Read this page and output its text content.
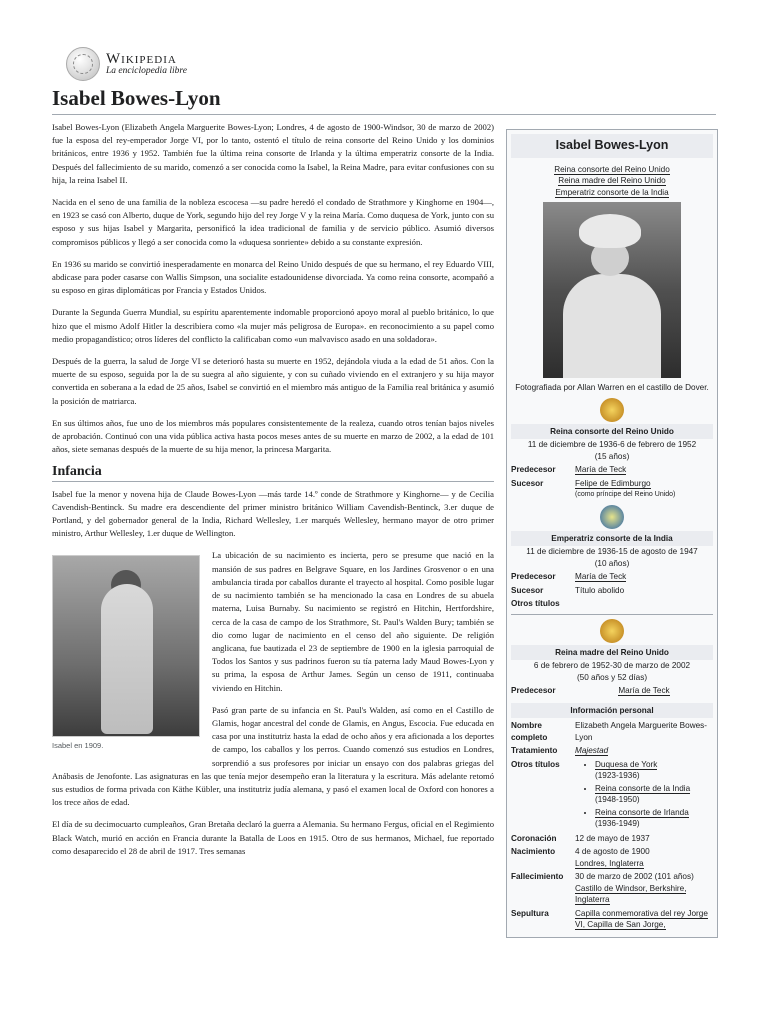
Wikipedia
La enciclopedia libre
Isabel Bowes-Lyon

Isabel Bowes-Lyon (Elizabeth Angela Marguerite Bowes-Lyon; Londres, 4 de agosto de 1900-Windsor, 30 de marzo de 2002) fue la esposa del rey-emperador Jorge VI, por lo tanto, ostentó el título de reina consorte del Reino Unido y los dominios británicos, entre 1936 y 1952. También fue la última reina consorte de Irlanda y la última emperatriz consorte de la India. Después del fallecimiento de su marido, comenzó a ser conocida como la Isabel, la Reina Madre, para evitar confusiones con su hija, la reina Isabel II.

Nacida en el seno de una familia de la nobleza escocesa —su padre heredó el condado de Strathmore y Kinghorne en 1904—, en 1923 se casó con Alberto, duque de York, segundo hijo del rey Jorge V y la reina María. Como duquesa de York, junto con su esposo y sus hijas Isabel y Margarita, personificó la idea tradicional de familia y de servicio público. Asumió diversos compromisos públicos y llegó a ser conocida como la «duquesa sonriente» debido a su constante expresión.

En 1936 su marido se convirtió inesperadamente en monarca del Reino Unido después de que su hermano, el rey Eduardo VIII, abdicase para poder casarse con Wallis Simpson, una socialite estadounidense divorciada. Ya como reina consorte, acompañó a su esposo en giras diplomáticas por Francia y Estados Unidos.

Durante la Segunda Guerra Mundial, su espíritu aparentemente indomable proporcionó apoyo moral al pueblo británico, lo que hizo que el mismo Adolf Hitler la describiera como «la mujer más peligrosa de Europa». en reconocimiento a su papel como medio propagandístico; otros líderes del conflicto la calificaban como «un malvavisco asado en una soldadora».

Después de la guerra, la salud de Jorge VI se deterioró hasta su muerte en 1952, dejándola viuda a la edad de 51 años. Con la muerte de su esposo, seguida por la de su suegra al año siguiente, y con su cuñado viviendo en el extranjero y su hija mayor convertida en soberana a la edad de 25 años, Isabel se convirtió en el miembro más antiguo de la Familia real británica y asumió la posición de matriarca.

En sus últimos años, fue uno de los miembros más populares consistentemente de la realeza, cuando otros tenían bajos niveles de aprobación. Continuó con una vida pública activa hasta pocos meses antes de su muerte en marzo de 2002, a la edad de 101 años, siete semanas después de la muerte de su hija menor, la princesa Margarita.

Infancia

Isabel fue la menor y novena hija de Claude Bowes-Lyon —más tarde 14.º conde de Strathmore y Kinghorne— y de Cecilia Cavendish-Bentinck. Su madre era descendiente del primer ministro británico William Cavendish-Bentinck, 3.er duque de Portland, y del gobernador general de la India, Richard Wellesley, 1.er marqués Wellesley, hermano mayor de otro primer ministro, Arthur Wellesley, 1.er duque de Wellington.

Isabel en 1909.

La ubicación de su nacimiento es incierta, pero se presume que nació en la mansión de sus padres en Belgrave Square, en los Jardines Grosvenor o en una ambulancia tirada por caballos durante el trayecto al hospital. Como posible lugar de su nacimiento también se ha mencionado la casa en Londres de su abuela materna, Luisa Burnaby. Su nacimiento se registró en Hitchin, Hertfordshire, cerca de la casa de campo de los Strathmore, St. Paul's Walden Bury; también se dio como lugar de nacimiento en el censo del año siguiente. De religión anglicana, fue bautizada el 23 de septiembre de 1900 en la iglesia parroquial de Todos los Santos y sus padrinos fueron su tía paterna lady Maud Bowes-Lyon y su prima, la esposa de Arthur James. Según un censo de 1911, continuaba viviendo en Hitchin.

Pasó gran parte de su infancia en St. Paul's Walden, así como en el Castillo de Glamis, hogar ancestral del conde de Glamis, en Angus, Escocia. Fue educada en casa por una institutriz hasta la edad de ocho años y era aficionada a los deportes de campo, los caballos y los perros. Cuando comenzó sus estudios en Londres, sorprendió a sus profesores por iniciar un ensayo con dos palabras griegas del Anábasis de Jenofonte. Las asignaturas en las que tenía mejor desempeño eran la literatura y la escritura. Más adelante retomó sus estudios de forma privada con Käthe Kübler, una institutriz judía alemana, y pasó el examen local de Oxford con honores a los trece años de edad.

El día de su decimocuarto cumpleaños, Gran Bretaña declaró la guerra a Alemania. Su hermano Fergus, oficial en el Regimiento Black Watch, murió en acción en Francia durante la Batalla de Loos en 1915. Otro de sus hermanos, Michael, fue reportado como desaparecido el 28 de abril de 1917. Tres semanas

Isabel Bowes-Lyon
Reina consorte del Reino Unido
Reina madre del Reino Unido
Emperatriz consorte de la India
Fotografiada por Allan Warren en el castillo de Dover.
Reina consorte del Reino Unido
11 de diciembre de 1936-6 de febrero de 1952
(15 años)
Predecesor	María de Teck
Sucesor	Felipe de Edimburgo
(como príncipe del Reino Unido)
Emperatriz consorte de la India
11 de diciembre de 1936-15 de agosto de 1947
(10 años)
Predecesor	María de Teck
Sucesor	Título abolido
Otros títulos
Reina madre del Reino Unido
6 de febrero de 1952-30 de marzo de 2002
(50 años y 52 días)
Predecesor	María de Teck
Información personal
Nombre completo
Elizabeth Angela Marguerite Bowes-Lyon
Tratamiento	Majestad
Otros títulos
•	Duquesa de York
(1923-1936)
• Reina consorte de la India
(1948-1950)
• Reina consorte de Irlanda
(1936-1949)
Coronación	12 de mayo de 1937
Nacimiento	4 de agosto de 1900
Londres, Inglaterra
Fallecimiento	30 de marzo de 2002 (101 años)
Castillo de Windsor, Berkshire, Inglaterra
Sepultura	Capilla conmemorativa del rey Jorge VI, Capilla de San Jorge,
